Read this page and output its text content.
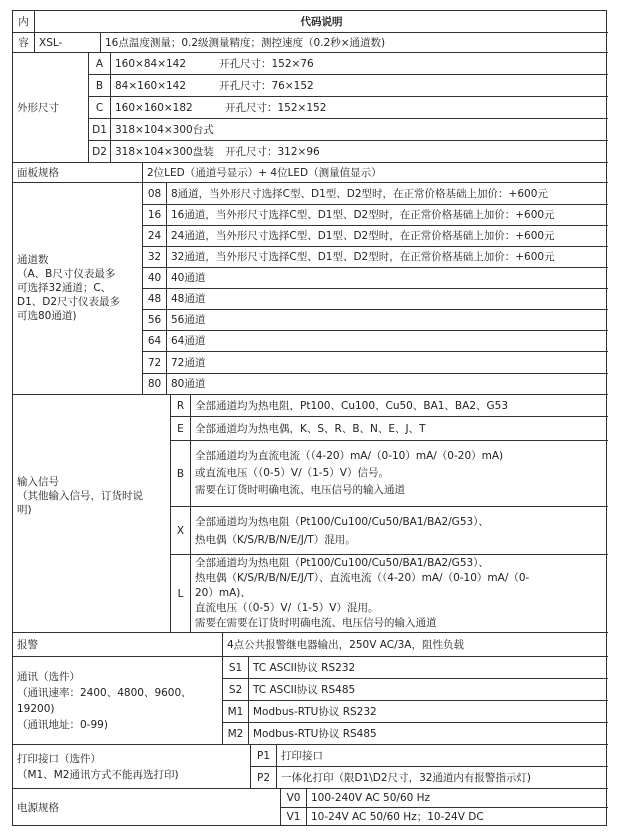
内	代码说明
容 XSL-	16点温度测量；0.2级测量精度；测控速度（0.2秒×通道数)
外形尺寸
A 160×84×142	开孔尺寸：152×76
B 84×160×142	开孔尺寸：76×152
C 160×160×182	开孔尺寸：152×152
D1 318×104×300台式
D2 318×104×300盘装	开孔尺寸：312×96
面板规格	2位LED（通道号显示）+ 4位LED（测量值显示）
通道数
（A、B尺寸仪表最多
可选择32通道；C、
D1、D2尺寸仪表最多
可选80通道)
08 8通道，当外形尺寸选择C型、D1型、D2型时，在正常价格基础上加价：+600元
16 16通道，当外形尺寸选择C型、D1型、D2型时，在正常价格基础上加价：+600元
24 24通道，当外形尺寸选择C型、D1型、D2型时，在正常价格基础上加价：+600元
32 32通道，当外形尺寸选择C型、D1型、D2型时，在正常价格基础上加价：+600元
40 40通道
48 48通道
56 56通道
64 64通道
72 72通道
80 80通道
输入信号
（其他输入信号，订货时说
明)
R 全部通道均为热电阻，Pt100、Cu100、Cu50、BA1、BA2、G53
E 全部通道均为热电偶，K、S、R、B、N、E、J、T
B
全部通道均为直流电流（（4-20）mA/（0-10）mA/（0-20）mA)
或直流电压（（0-5）V/（1-5）V）信号。
需要在订货时明确电流、电压信号的输入通道
X
全部通道均为热电阻（Pt100/Cu100/Cu50/BA1/BA2/G53）、
热电偶（K/S/R/B/N/E/J/T）混用。
L
全部通道均为热电阻（Pt100/Cu100/Cu50/BA1/BA2/G53）、
热电偶（K/S/R/B/N/E/J/T）、直流电流（（4-20）mA/（0-10）mA/（0-
20）mA)、
直流电压（（0-5）V/（1-5）V）混用。
需要在需要在订货时明确电流、电压信号的输入通道
报警	4点公共报警继电器输出，250V AC/3A，阻性负载
通讯（选件）
（通讯速率：2400、4800、9600、
19200)
（通讯地址：0-99)
S1 TC ASCII协议 RS232
S2 TC ASCII协议 RS485
M1 Modbus-RTU协议 RS232
M2 Modbus-RTU协议 RS485
打印接口（选件）
（M1、M2通讯方式不能再选打印)
P1 打印接口
P2 一体化打印（限D1\D2尺寸，32通道内有报警指示灯)
电源规格
V0 100-240V AC 50/60 Hz
V1 10-24V AC 50/60 Hz；10-24V DC
